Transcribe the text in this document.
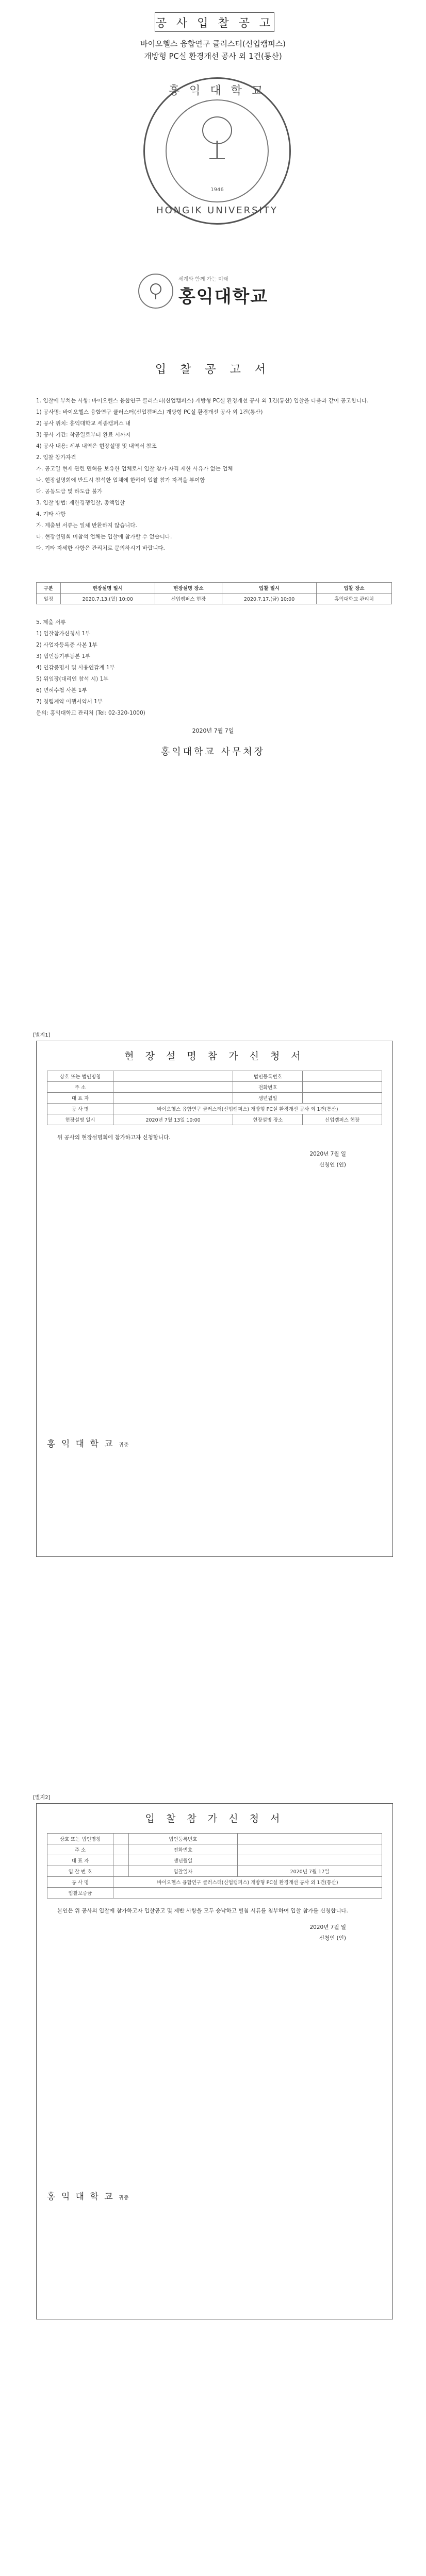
공 사 입 찰 공 고
바이오헬스 융합연구 클러스터(신업캠퍼스)
개방형 PC실 환경개선 공사 외 1건(통산)
홍 익 대 학 교
1946
HONGIK UNIVERSITY
세계와 함께 가는 미래
홍익대학교
입 찰 공 고 서

1. 입찰에 부치는 사항: 바이오헬스 융합연구 클러스터(신업캠퍼스) 개방형 PC실 환경개선 공사 외 1건(통산) 입찰을 다음과 같이 공고합니다.

1) 공사명: 바이오헬스 융합연구 클러스터(신업캠퍼스) 개방형 PC실 환경개선 공사 외 1건(통산)

2) 공사 위치: 홍익대학교 세종캠퍼스 내

3) 공사 기간: 착공일로부터 완료 시까지

4) 공사 내용: 세부 내역은 현장설명 및 내역서 참조

2. 입찰 참가자격

가. 공고일 현재 관련 면허를 보유한 업체로서 입찰 참가 자격 제한 사유가 없는 업체

나. 현장설명회에 반드시 참석한 업체에 한하여 입찰 참가 자격을 부여함

다. 공동도급 및 하도급 불가

3. 입찰 방법: 제한경쟁입찰, 총액입찰

4. 기타 사항

가. 제출된 서류는 일체 반환하지 않습니다.

나. 현장설명회 미참석 업체는 입찰에 참가할 수 없습니다.

다. 기타 자세한 사항은 관리처로 문의하시기 바랍니다.

구분	현장설명 일시	현장설명 장소	입찰 일시	입찰 장소
일정	2020.7.13.(월) 10:00	신업캠퍼스 현장	2020.7.17.(금) 10:00	홍익대학교 관리처

5. 제출 서류

1) 입찰참가신청서 1부

2) 사업자등록증 사본 1부

3) 법인등기부등본 1부

4) 인감증명서 및 사용인감계 1부

5) 위임장(대리인 참석 시) 1부

6) 면허수첩 사본 1부

7) 청렴계약 이행서약서 1부

문의: 홍익대학교 관리처 (Tel: 02-320-1000)

2020년 7월 7일
홍익대학교 사무처장
[별지1]
현 장 설 명 참 가 신 청 서
상호 또는 법인명칭		법인등록번호	
주 소		전화번호	
대 표 자		생년월일	
공 사 명	바이오헬스 융합연구 클러스터(신업캠퍼스) 개방형 PC실 환경개선 공사 외 1건(통산)		
현장설명 일시	2020년 7월 13일 10:00	현장설명 장소	신업캠퍼스 현장
위 공사의 현장설명회에 참가하고자 신청합니다.
2020년 7월 일
신청인 (인)
홍 익 대 학 교 귀중
[별지2]
입 찰 참 가 신 청 서
상호 또는 법인명칭		법인등록번호	
주 소		전화번호	
대 표 자		생년월일	
입 찰 번 호		입찰일자	2020년 7월 17일
공 사 명	바이오헬스 융합연구 클러스터(신업캠퍼스) 개방형 PC실 환경개선 공사 외 1건(통산)		
입찰보증금			
본인은 위 공사의 입찰에 참가하고자 입찰공고 및 제반 사항을 모두 승낙하고 별첨 서류를 첨부하여 입찰 참가를 신청합니다.
2020년 7월 일
신청인 (인)
홍 익 대 학 교 귀중
